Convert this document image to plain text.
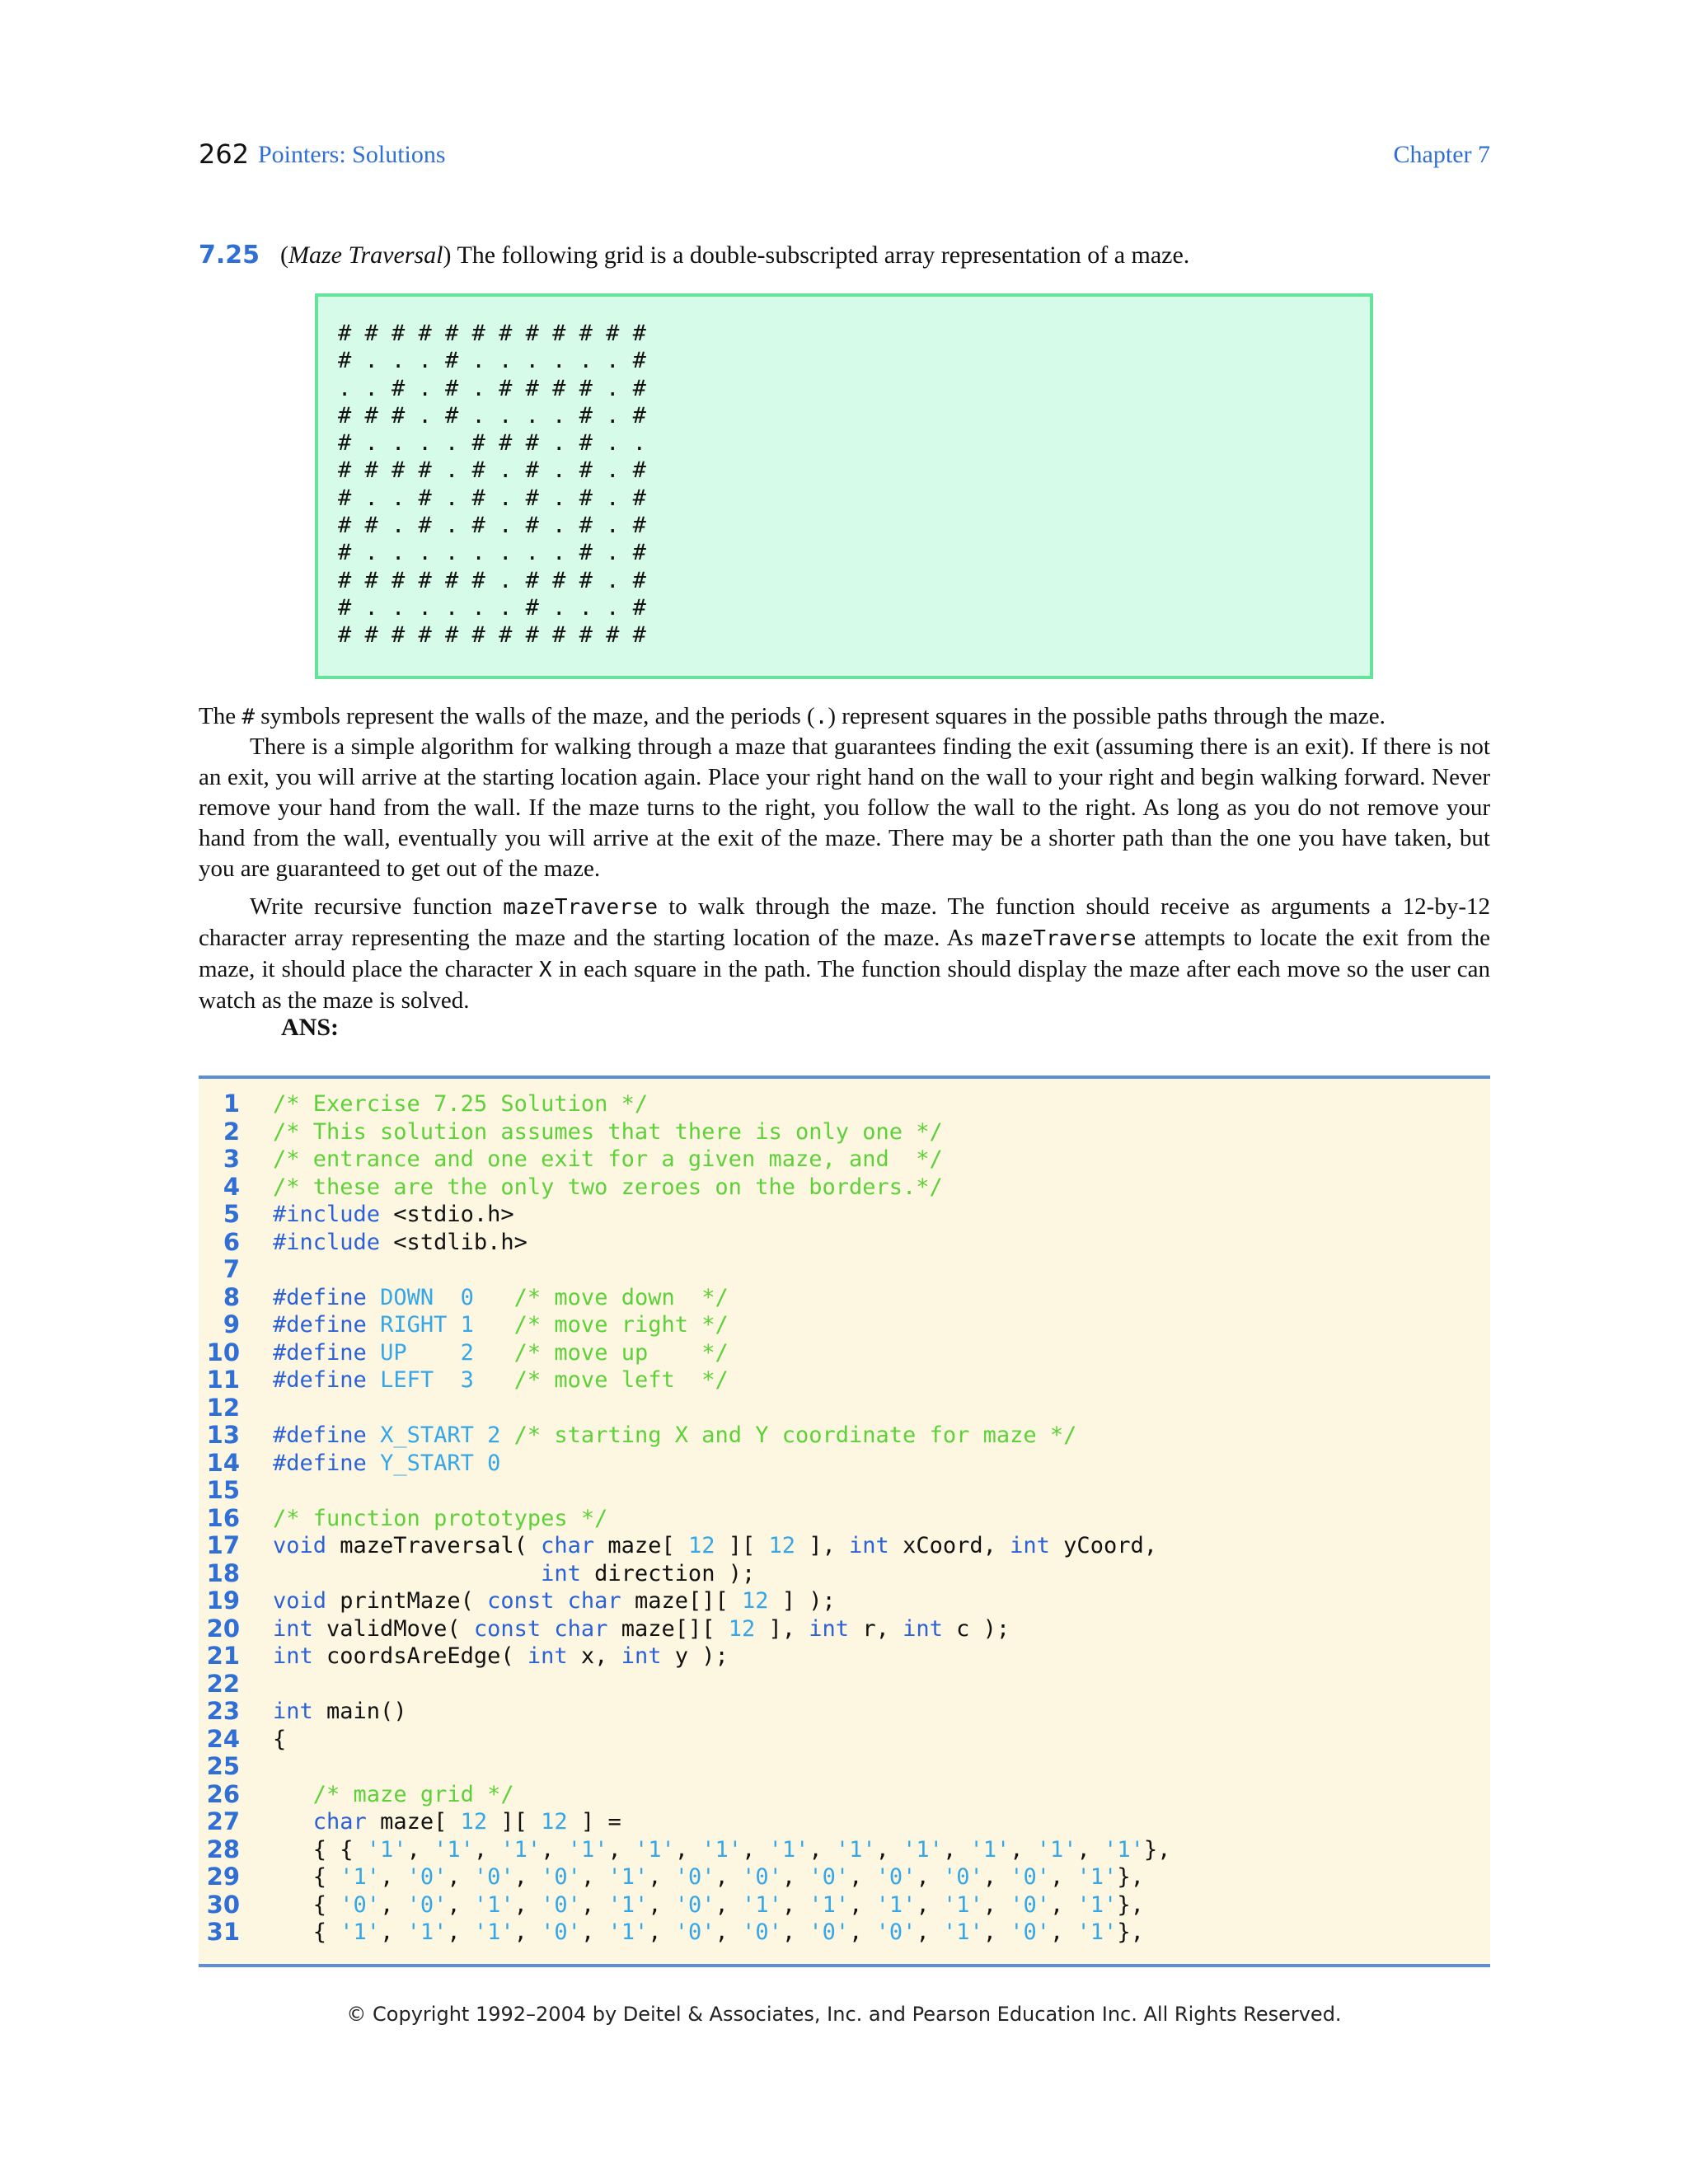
262 Pointers: Solutions	Chapter 7
7.25 (Maze Traversal) The following grid is a double-subscripted array representation of a maze.
# # # # # # # # # # # #
# . . . # . . . . . . #
. . # . # . # # # # . #
# # # . # . . . . # . #
# . . . . # # # . # . .
# # # # . # . # . # . #
# . . # . # . # . # . #
# # . # . # . # . # . #
# . . . . . . . . # . #
# # # # # # . # # # . #
# . . . . . . # . . . #
# # # # # # # # # # # #
The # symbols represent the walls of the maze, and the periods (.) represent squares in the possible paths through the maze.
There is a simple algorithm for walking through a maze that guarantees finding the exit (assuming there is an exit). If there is not an exit, you will arrive at the starting location again. Place your right hand on the wall to your right and begin walking forward. Never remove your hand from the wall. If the maze turns to the right, you follow the wall to the right. As long as you do not remove your hand from the wall, eventually you will arrive at the exit of the maze. There may be a shorter path than the one you have taken, but you are guaranteed to get out of the maze.
Write recursive function mazeTraverse to walk through the maze. The function should receive as arguments a 12-by-12 character array representing the maze and the starting location of the maze. As mazeTraverse attempts to locate the exit from the maze, it should place the character X in each square in the path. The function should display the maze after each move so the user can watch as the maze is solved.
ANS:
1 /* Exercise 7.25 Solution */
2 /* This solution assumes that there is only one */
3 /* entrance and one exit for a given maze, and  */
4 /* these are the only two zeroes on the borders.*/
5 #include <stdio.h>
6 #include <stdlib.h>
7
8 #define DOWN 0 /* move down  */
9 #define RIGHT 1 /* move right */
10 #define UP 2 /* move up    */
11 #define LEFT 3 /* move left  */
12
13 #define X_START 2 /* starting X and Y coordinate for maze */
14 #define Y_START 0
15
16 /* function prototypes */
17 void mazeTraversal( char maze[ 12 ][ 12 ], int xCoord, int yCoord,
18	int direction );
19 void printMaze( const char maze[][ 12 ] );
20 int validMove( const char maze[][ 12 ], int r, int c );
21 int coordsAreEdge( int x, int y );
22
23 int main()
24 {
25
26	/* maze grid */
27	char maze[ 12 ][ 12 ] =
28 { { '1', '1', '1', '1', '1', '1', '1', '1', '1', '1', '1', '1'},
29 { '1', '0', '0', '0', '1', '0', '0', '0', '0', '0', '0', '1'},
30 { '0', '0', '1', '0', '1', '0', '1', '1', '1', '1', '0', '1'},
31 { '1', '1', '1', '0', '1', '0', '0', '0', '0', '1', '0', '1'},
© Copyright 1992–2004 by Deitel & Associates, Inc. and Pearson Education Inc. All Rights Reserved.
